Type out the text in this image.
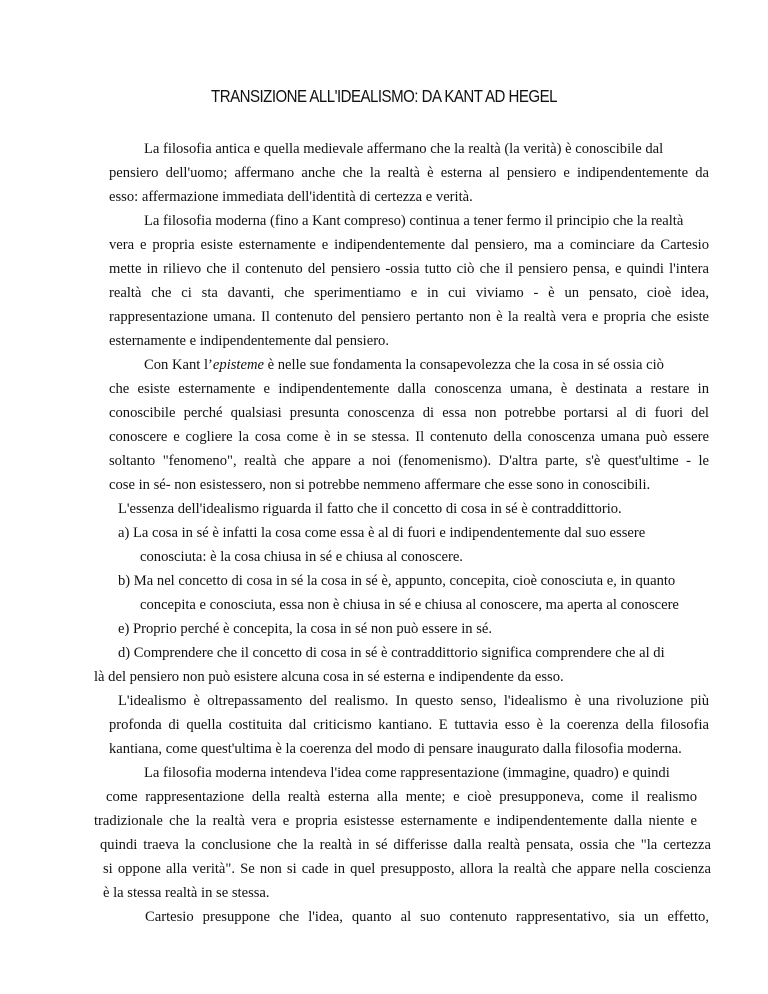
TRANSIZIONE ALL'IDEALISMO: DA KANT AD HEGEL
La filosofia antica e quella medievale affermano che la realtà (la verità) è conoscibile dal
pensiero dell'uomo; affermano anche che la realtà è esterna al pensiero e indipendentemente da
esso: affermazione immediata dell'identità di certezza e verità.
La filosofia moderna (fino a Kant compreso) continua a tener fermo il principio che la realtà
vera e propria esiste esternamente e indipendentemente dal pensiero, ma a cominciare da Cartesio
mette in rilievo che il contenuto del pensiero -ossia tutto ciò che il pensiero pensa, e quindi l'intera
realtà che ci sta davanti, che sperimentiamo e in cui viviamo - è un pensato, cioè idea,
rappresentazione umana. Il contenuto del pensiero pertanto non è la realtà vera e propria che esiste
esternamente e indipendentemente dal pensiero.
Con Kant l’episteme è nelle sue fondamenta la consapevolezza che la cosa in sé ossia ciò
che esiste esternamente e indipendentemente dalla conoscenza umana, è destinata a restare in
conoscibile perché qualsiasi presunta conoscenza di essa non potrebbe portarsi al di fuori del
conoscere e cogliere la cosa come è in se stessa. Il contenuto della conoscenza umana può essere
soltanto "fenomeno", realtà che appare a noi (fenomenismo). D'altra parte, s'è quest'ultime - le
cose in sé- non esistessero, non si potrebbe nemmeno affermare che esse sono in conoscibili.
L'essenza dell'idealismo riguarda il fatto che il concetto di cosa in sé è contraddittorio.
a) La cosa in sé è infatti la cosa come essa è al di fuori e indipendentemente dal suo essere
conosciuta: è la cosa chiusa in sé e chiusa al conoscere.
b) Ma nel concetto di cosa in sé la cosa in sé è, appunto, concepita, cioè conosciuta e, in quanto
concepita e conosciuta, essa non è chiusa in sé e chiusa al conoscere, ma aperta al conoscere
e) Proprio perché è concepita, la cosa in sé non può essere in sé.
d) Comprendere che il concetto di cosa in sé è contraddittorio significa comprendere che al di
là del pensiero non può esistere alcuna cosa in sé esterna e indipendente da esso.
L'idealismo è oltrepassamento del realismo. In questo senso, l'idealismo è una rivoluzione più
profonda di quella costituita dal criticismo kantiano. E tuttavia esso è la coerenza della filosofia
kantiana, come quest'ultima è la coerenza del modo di pensare inaugurato dalla filosofia moderna.
La filosofia moderna intendeva l'idea come rappresentazione (immagine, quadro) e quindi
come rappresentazione della realtà esterna alla mente; e cioè presupponeva, come il realismo
tradizionale che la realtà vera e propria esistesse esternamente e indipendentemente dalla niente e
quindi traeva la conclusione che la realtà in sé differisse dalla realtà pensata, ossia che "la certezza
si oppone alla verità". Se non si cade in quel presupposto, allora la realtà che appare nella coscienza
è la stessa realtà in se stessa.
Cartesio presuppone che l'idea, quanto al suo contenuto rappresentativo, sia un effetto,
